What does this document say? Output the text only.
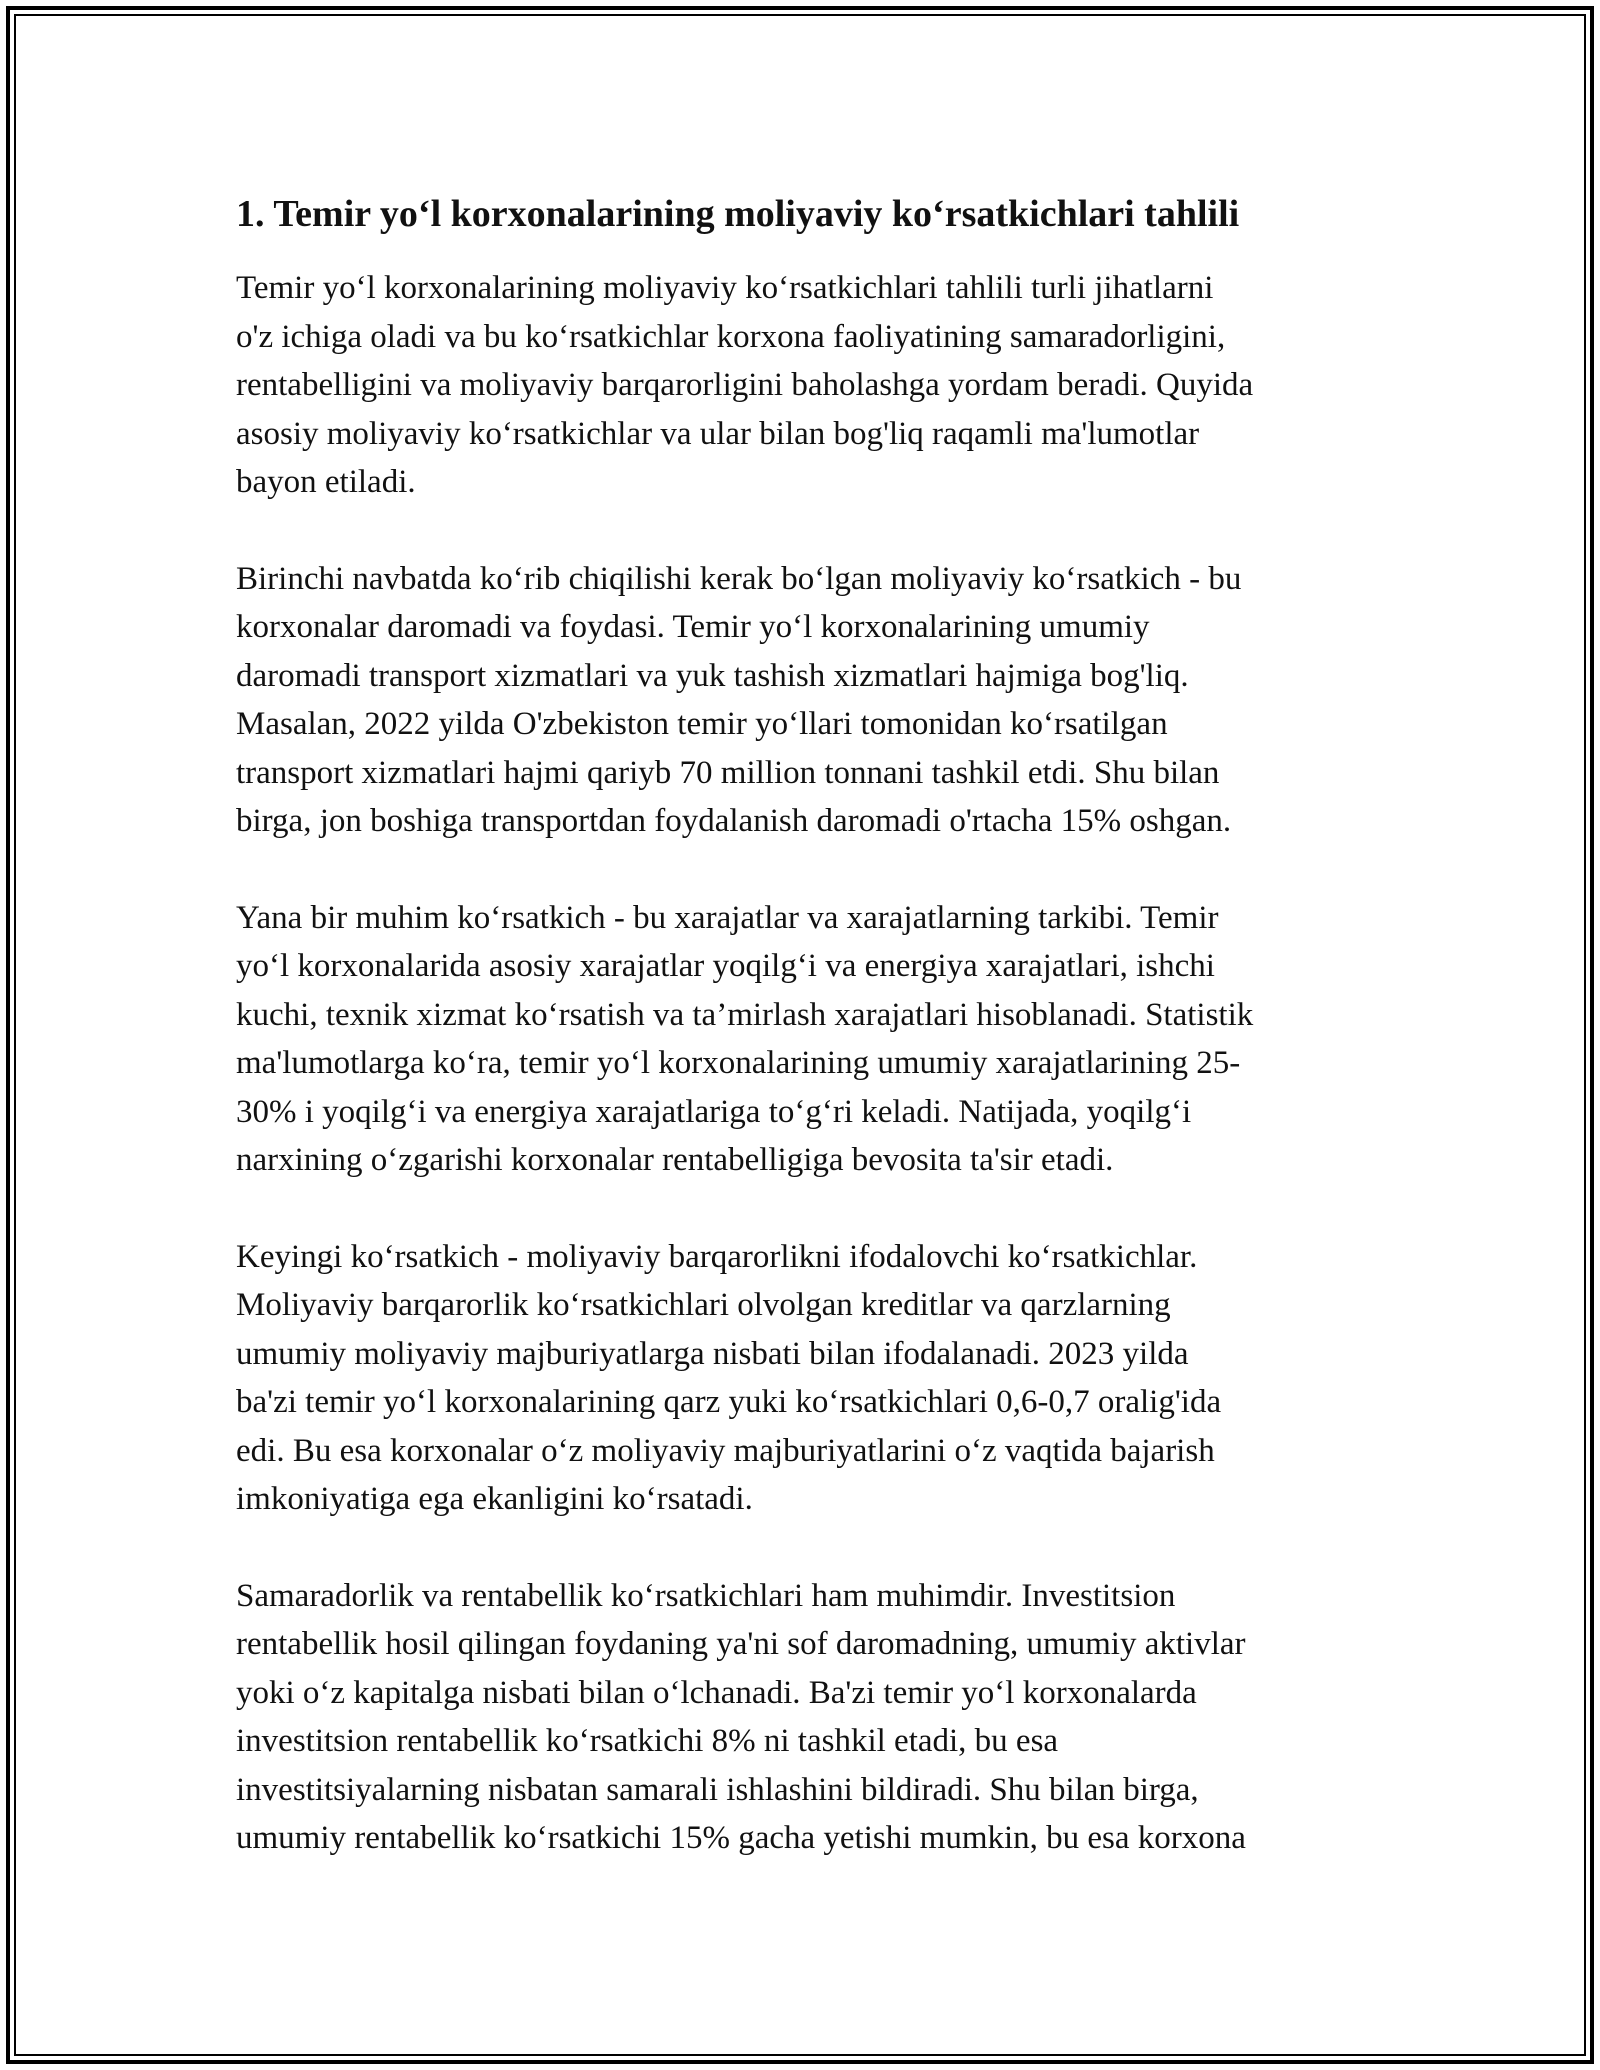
1. Temir yo‘l korxonalarining moliyaviy ko‘rsatkichlari tahlili

Temir yo‘l korxonalarining moliyaviy ko‘rsatkichlari tahlili turli jihatlarni
o'z ichiga oladi va bu ko‘rsatkichlar korxona faoliyatining samaradorligini,
rentabelligini va moliyaviy barqarorligini baholashga yordam beradi. Quyida
asosiy moliyaviy ko‘rsatkichlar va ular bilan bog'liq raqamli ma'lumotlar
bayon etiladi.

Birinchi navbatda ko‘rib chiqilishi kerak bo‘lgan moliyaviy ko‘rsatkich - bu
korxonalar daromadi va foydasi. Temir yo‘l korxonalarining umumiy
daromadi transport xizmatlari va yuk tashish xizmatlari hajmiga bog'liq.
Masalan, 2022 yilda O'zbekiston temir yo‘llari tomonidan ko‘rsatilgan
transport xizmatlari hajmi qariyb 70 million tonnani tashkil etdi. Shu bilan
birga, jon boshiga transportdan foydalanish daromadi o'rtacha 15% oshgan.

Yana bir muhim ko‘rsatkich - bu xarajatlar va xarajatlarning tarkibi. Temir
yo‘l korxonalarida asosiy xarajatlar yoqilg‘i va energiya xarajatlari, ishchi
kuchi, texnik xizmat ko‘rsatish va ta’mirlash xarajatlari hisoblanadi. Statistik
ma'lumotlarga ko‘ra, temir yo‘l korxonalarining umumiy xarajatlarining 25-
30% i yoqilg‘i va energiya xarajatlariga to‘g‘ri keladi. Natijada, yoqilg‘i
narxining o‘zgarishi korxonalar rentabelligiga bevosita ta'sir etadi.

Keyingi ko‘rsatkich - moliyaviy barqarorlikni ifodalovchi ko‘rsatkichlar.
Moliyaviy barqarorlik ko‘rsatkichlari olvolgan kreditlar va qarzlarning
umumiy moliyaviy majburiyatlarga nisbati bilan ifodalanadi. 2023 yilda
ba'zi temir yo‘l korxonalarining qarz yuki ko‘rsatkichlari 0,6-0,7 oralig'ida
edi. Bu esa korxonalar o‘z moliyaviy majburiyatlarini o‘z vaqtida bajarish
imkoniyatiga ega ekanligini ko‘rsatadi.

Samaradorlik va rentabellik ko‘rsatkichlari ham muhimdir. Investitsion
rentabellik hosil qilingan foydaning ya'ni sof daromadning, umumiy aktivlar
yoki o‘z kapitalga nisbati bilan o‘lchanadi. Ba'zi temir yo‘l korxonalarda
investitsion rentabellik ko‘rsatkichi 8% ni tashkil etadi, bu esa
investitsiyalarning nisbatan samarali ishlashini bildiradi. Shu bilan birga,
umumiy rentabellik ko‘rsatkichi 15% gacha yetishi mumkin, bu esa korxona
